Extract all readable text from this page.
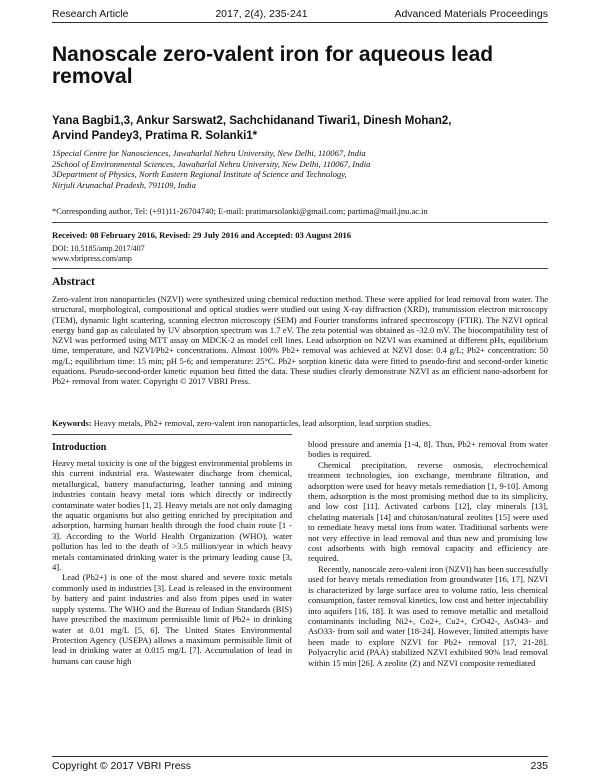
Research Article	2017, 2(4), 235-241	Advanced Materials Proceedings
Nanoscale zero-valent iron for aqueous lead removal
Yana Bagbi1,3, Ankur Sarswat2, Sachchidanand Tiwari1, Dinesh Mohan2,
Arvind Pandey3, Pratima R. Solanki1*
1Special Centre for Nanosciences, Jawaharlal Nehru University, New Delhi, 110067, India
2School of Environmental Sciences, Jawaharlal Nehru University, New Delhi, 110067, India
3Department of Physics, North Eastern Regional Institute of Science and Technology,
Nirjuli Arunachal Pradesh, 791109, India
*Corresponding author, Tel: (+91)11-26704740; E-mail: pratimarsolanki@gmail.com; partima@mail.jnu.ac.in
Received: 08 February 2016, Revised: 29 July 2016 and Accepted: 03 August 2016
DOI: 10.5185/amp.2017/407
www.vbripress.com/amp
Abstract
Zero-valent iron nanoparticles (NZVI) were synthesized using chemical reduction method. These were applied for lead removal from water. The structural, morphological, compositional and optical studies were studied out using X-ray diffraction (XRD), transmission electron microscopy (TEM), dynamic light scattering, scanning electron microscopy (SEM) and Fourier transforms infrared spectroscopy (FTIR). The NZVI optical energy band gap as calculated by UV absorption spectrum was 1.7 eV. The zeta potential was obtained as -32.0 mV. The biocompatibility test of NZVI was performed using MTT assay on MDCK-2 as model cell lines. Lead adsorption on NZVI was examined at different pHs, equilibrium time, temperature, and NZVI/Pb2+ concentrations. Almost 100% Pb2+ removal was achieved at NZVI dose: 0.4 g/L; Pb2+ concentration: 50 mg/L; equilibrium time: 15 min; pH 5-6; and temperature: 25°C. Pb2+ sorption kinetic data were fitted to pseudo-first and second-order kinetic equations. Pseudo-second-order kinetic equation best fitted the data. These studies clearly demonstrate NZVI as an efficient nano-adsorbent for Pb2+ removal from water. Copyright © 2017 VBRI Press.
Keywords: Heavy metals, Pb2+ removal, zero-valent iron nanoparticles, lead adsorption, lead sorption studies.
Introduction

Heavy metal toxicity is one of the biggest environmental problems in this current industrial era. Wastewater discharge from chemical, metallurgical, battery manufacturing, leather tanning and mining industries contain heavy metal ions which directly or indirectly contaminate water bodies [1, 2]. Heavy metals are not only damaging the aquatic organisms but also getting enriched by precipitation and adsorption, harming human health through the food chain route [1 - 3]. According to the World Health Organization (WHO), water pollution has led to the death of >3.5 million/year in which heavy metals contaminated drinking water is the primary leading cause [3, 4].

Lead (Pb2+) is one of the most shared and severe toxic metals commonly used in industries [3]. Lead is released in the environment by battery and paint industries and also from pipes used in water supply systems. The WHO and the Bureau of Indian Standards (BIS) have prescribed the maximum permissible limit of Pb2+ in drinking water at 0.01 mg/L [5, 6]. The United States Environmental Protection Agency (USEPA) allows a maximum permissible limit of lead in drinking water at 0.015 mg/L [7]. Accumulation of lead in humans can cause high

blood pressure and anemia [1-4, 8]. Thus, Pb2+ removal from water bodies is required.

Chemical precipitation, reverse osmosis, electrochemical treatment technologies, ion exchange, membrane filtration, and adsorption were used for heavy metals remediation [1, 9-10]. Among them, adsorption is the most promising method due to its simplicity, and low cost [11]. Activated carbons [12], clay minerals [13], chelating materials [14] and chitosan/natural zeolites [15] were used to remediate heavy metal ions from water. Traditional sorbents were not very effective in lead removal and thus new and promising low cost adsorbents with high removal capacity and efficiency are required.

Recently, nanoscale zero-valent iron (NZVI) has been successfully used for heavy metals remediation from groundwater [16, 17]. NZVI is characterized by large surface area to volume ratio, less chemical consumption, faster removal kinetics, low cost and better injectability into aquifers [16, 18]. It was used to remove metallic and metalloid contaminants including Ni2+, Co2+, Cu2+, CrO42-, AsO43- and AsO33- from soil and water [18-24]. However, limited attempts have been made to explore NZVI for Pb2+ removal [17, 21-28]. Polyacrylic acid (PAA) stabilized NZVI exhibited 90% lead removal within 15 min [26]. A zeolite (Z) and NZVI composite remediated

Copyright © 2017 VBRI Press	235
